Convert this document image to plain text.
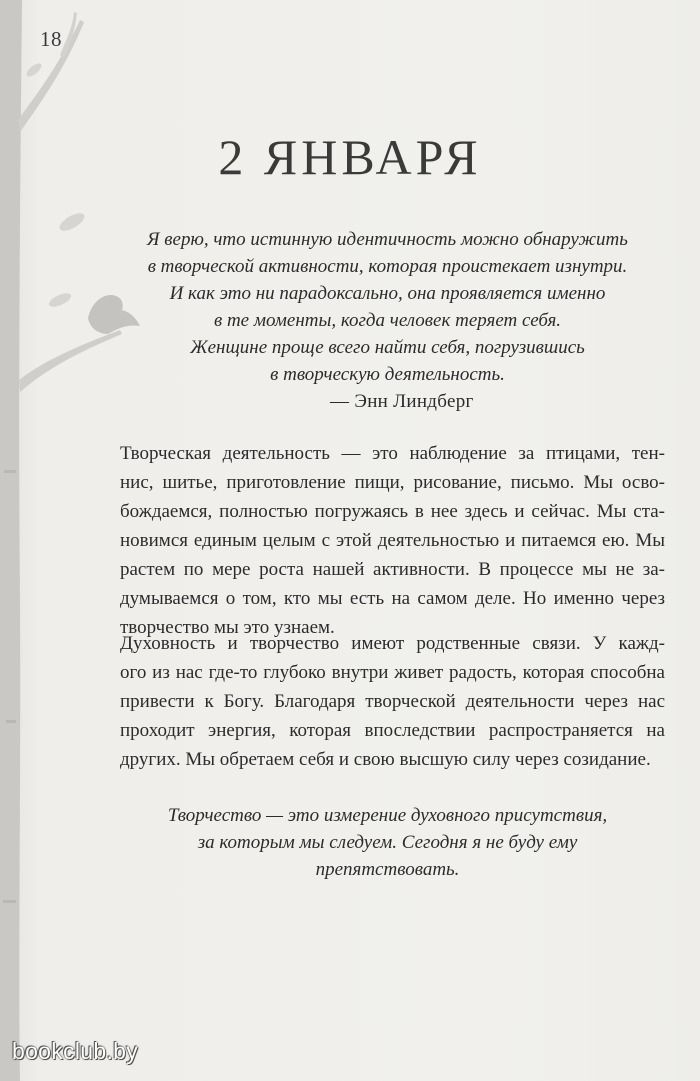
18
2 ЯНВАРЯ

Я верю, что истинную идентичность можно обнаружить
в творческой активности, которая проистекает изнутри.
И как это ни парадоксально, она проявляется именно
в те моменты, когда человек теряет себя.
Женщине проще всего найти себя, погрузившись
в творческую деятельность.

— Энн Линдберг

Творческая деятельность — это наблюдение за птицами, тен-
нис, шитье, приготовление пищи, рисование, письмо. Мы осво-
бождаемся, полностью погружаясь в нее здесь и сейчас. Мы ста-
новимся единым целым с этой деятельностью и питаемся ею. Мы
растем по мере роста нашей активности. В процессе мы не за-
думываемся о том, кто мы есть на самом деле. Но именно через
творчество мы это узнаем.

Духовность и творчество имеют родственные связи. У кажд-
ого из нас где-то глубоко внутри живет радость, которая способна
привести к Богу. Благодаря творческой деятельности через нас
проходит энергия, которая впоследствии распространяется на
других. Мы обретаем себя и свою высшую силу через созидание.

Творчество — это измерение духовного присутствия,
за которым мы следуем. Сегодня я не буду ему
препятствовать.

bookclub.by
